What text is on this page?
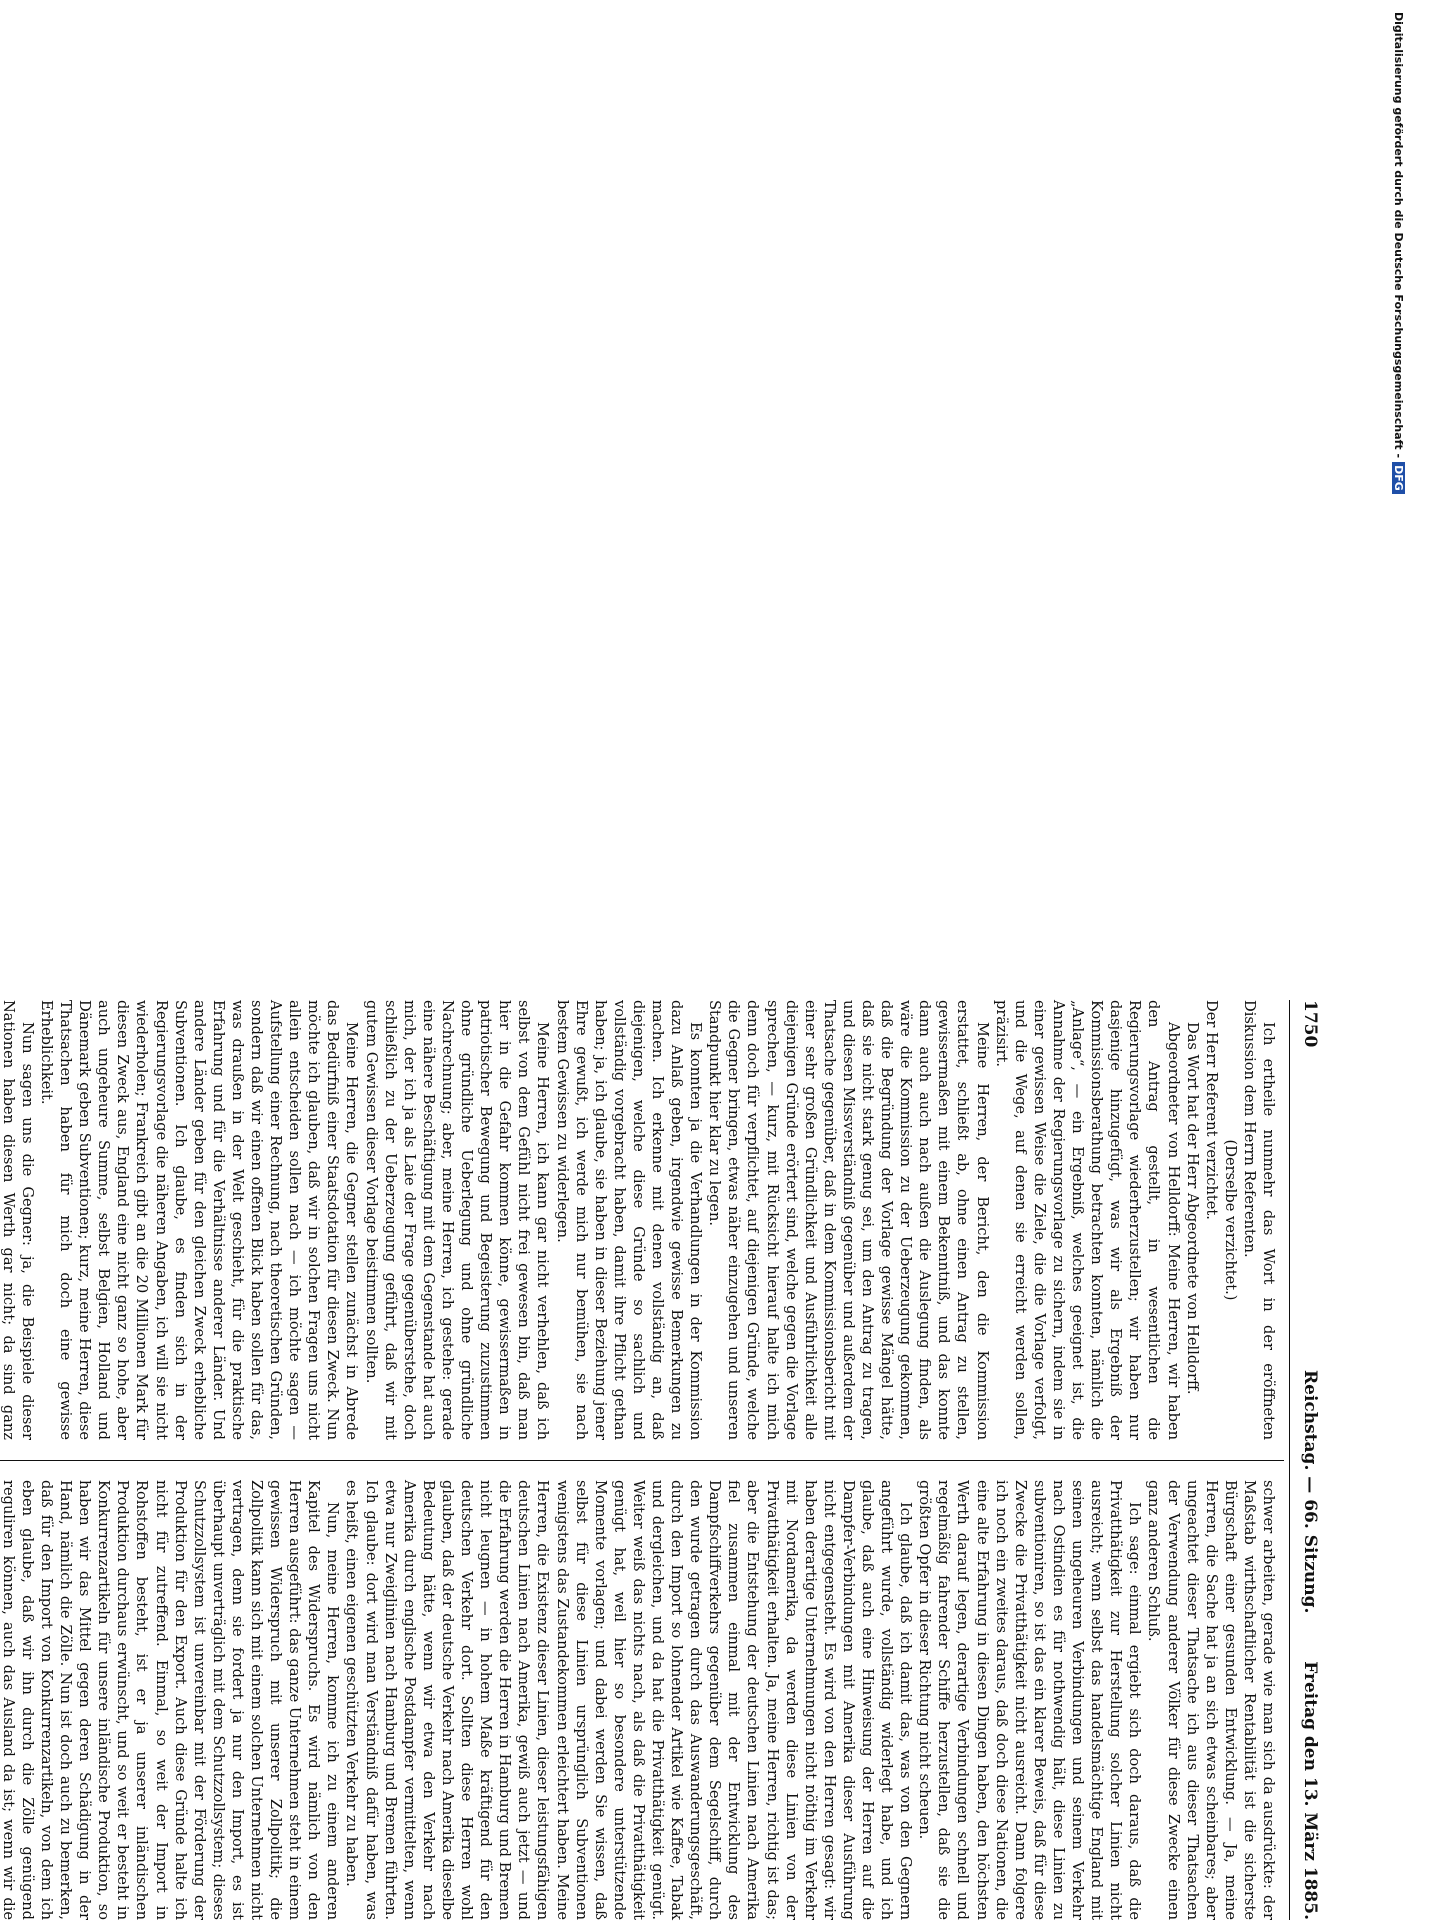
1750
Reichstag. — 66. Sitzung.
Freitag den 13. März 1885.

Ich ertheile nunmehr das Wort in der eröffneten Diskussion dem Herrn Referenten.

(Derselbe verzichtet.)

Der Herr Referent verzichtet.

Das Wort hat der Herr Abgeordnete von Helldorff.

Abgeordneter von Helldorff: Meine Herren, wir haben den Antrag gestellt, in wesentlichen die Regierungsvorlage wiederherzustellen; wir haben nur dasjenige hinzugefügt, was wir als Ergebniß der Kommissionsberathung betrachten konnten, nämlich die „Anlage“, — ein Ergebniß, welches geeignet ist, die Annahme der Regierungsvorlage zu sichern, indem sie in einer gewissen Weise die Ziele, die die Vorlage verfolgt, und die Wege, auf denen sie erreicht werden sollen, präzisirt.

Meine Herren, der Bericht, den die Kommission erstattet, schließt ab, ohne einen Antrag zu stellen, gewissermaßen mit einem Bekenntniß, und das konnte dann auch auch nach außen die Auslegung finden, als wäre die Kommission zu der Ueberzeugung gekommen, daß die Begründung der Vorlage gewisse Mängel hätte, daß sie nicht stark genug sei, um den Antrag zu tragen, und diesen Missverständniß gegenüber und außerdem der Thatsache gegenüber, daß in dem Kommissionsbericht mit einer sehr großen Gründlichkeit und Ausführlichkeit alle diejenigen Gründe erörtert sind, welche gegen die Vorlage sprechen, — kurz, mit Rücksicht hierauf halte ich mich denn doch für verpflichtet, auf diejenigen Gründe, welche die Gegner bringen, etwas näher einzugehen und unseren Standpunkt hier klar zu legen.

Es konnten ja die Verhandlungen in der Kommission dazu Anlaß geben, irgendwie gewisse Bemerkungen zu machen. Ich erkenne mit denen vollständig an, daß diejenigen, welche diese Gründe so sachlich und vollständig vorgebracht haben, damit ihre Pflicht gethan haben; ja, ich glaube, sie haben in dieser Beziehung jener Ehre gewußt, ich werde mich nur bemühen, sie nach bestem Gewissen zu widerlegen.

Meine Herren, ich kann gar nicht verhehlen, daß ich selbst von dem Gefühl nicht frei gewesen bin, daß man hier in die Gefahr kommen könne, gewissermaßen in patriotischer Bewegung und Begeisterung zuzustimmen ohne gründliche Ueberlegung und ohne gründliche Nachrechnung; aber, meine Herren, ich gestehe: gerade eine nähere Beschäftigung mit dem Gegenstande hat auch mich, der ich ja als Laie der Frage gegenüberstehe, doch schließlich zu der Ueberzeugung geführt, daß wir mit gutem Gewissen dieser Vorlage beistimmen sollten.

Meine Herren, die Gegner stellen zunächst in Abrede das Bedürfniß einer Staatsdotation für diesen Zweck. Nun möchte ich glauben, daß wir in solchen Fragen uns nicht allein entscheiden sollen nach — ich möchte sagen — Aufstellung einer Rechnung, nach theoretischen Gründen, sondern daß wir einen offenen Blick haben sollen für das, was draußen in der Welt geschieht, für die praktische Erfahrung und für die Verhältnisse anderer Länder. Und andere Länder geben für den gleichen Zweck erhebliche Subventionen. Ich glaube, es finden sich in der Regierungsvorlage die näheren Angaben, ich will sie nicht wiederholen; Frankreich gibt an die 20 Millionen Mark für diesen Zweck aus, England eine nicht ganz so hohe, aber auch ungeheure Summe, selbst Belgien, Holland und Dänemark geben Subventionen; kurz, meine Herren, diese Thatsachen haben für mich doch eine gewisse Erheblichkeit.

Nun sagen uns die Gegner: ja, die Beispiele dieser Nationen haben diesen Werth gar nicht; da sind ganz

schwer arbeiten, gerade wie man sich da ausdrückte: der Maßstab wirthschaftlicher Rentabilität ist die sicherste Bürgschaft einer gesunden Entwicklung. — Ja, meine Herren, die Sache hat ja an sich etwas scheinbares; aber ungeachtet dieser Thatsache ich aus dieser Thatsachen der Verwendung anderer Völker für diese Zwecke einen ganz anderen Schluß.

Ich sage: einmal ergiebt sich doch daraus, daß die Privatthätigkeit zur Herstellung solcher Linien nicht ausreicht; wenn selbst das handelsmächtige England mit seinen ungeheuren Verbindungen und seinem Verkehr nach Ostindien es für nothwendig hält, diese Linien zu subventioniren, so ist das ein klarer Beweis, daß für diese Zwecke die Privatthätigkeit nicht ausreicht. Dann folgere ich noch ein zweites daraus, daß doch diese Nationen, die eine alte Erfahrung in diesen Dingen haben, den höchsten Werth darauf legen, derartige Verbindungen schnell und regelmäßig fahrender Schiffe herzustellen, daß sie die größten Opfer in dieser Richtung nicht scheuen.

Ich glaube, daß ich damit das, was von den Gegnern angeführt wurde, vollständig widerlegt habe, und ich glaube, daß auch eine Hinweisung der Herren auf die Dampfer-Verbindungen mit Amerika dieser Ausführung nicht entgegensteht. Es wird von den Herren gesagt: wir haben derartige Unternehmungen nicht nöthig im Verkehr mit Nordamerika, da werden diese Linien von der Privatthätigkeit erhalten. Ja, meine Herren, richtig ist das; aber die Entstehung der deutschen Linien nach Amerika fiel zusammen einmal mit der Entwicklung des Dampfschiffverkehrs gegenüber dem Segelschiff, durch den wurde getragen durch das Auswanderungsgeschäft, durch den Import so lohnender Artikel wie Kaffee, Tabak und dergleichen, und da hat die Privatthätigkeit genügt. Weiter weiß das nichts nach, als daß die Privatthätigkeit genügt hat, weil hier so besondere unterstützende Momente vorlagen; und dabei werden Sie wissen, daß selbst für diese Linien ursprünglich Subventionen wenigstens das Zustandekommen erleichtert haben. Meine Herren, die Existenz dieser Linien, dieser leistungsfähigen deutschen Linien nach Amerika, gewiß auch jetzt — und die Erfahrung werden die Herren in Hamburg und Bremen nicht leugnen — in hohem Maße kräftigend für den deutschen Verkehr dort. Sollten diese Herren wohl glauben, daß der deutsche Verkehr nach Amerika dieselbe Bedeutung hätte, wenn wir etwa den Verkehr nach Amerika durch englische Postdampfer vermittelten, wenn etwa nur Zweiglinien nach Hamburg und Bremen führten. Ich glaube: dort wird man Verständniß dafür haben, was es heißt, einen eigenen geschützten Verkehr zu haben.

Nun, meine Herren, komme ich zu einem anderen Kapitel des Widerspruchs. Es wird nämlich von den Herren ausgeführt: das ganze Unternehmen steht in einem gewissen Widerspruch mit unserer Zollpolitik; die Zollpolitik kann sich mit einem solchen Unternehmen nicht vertragen, denn sie fordert ja nur den Import, es ist überhaupt unverträglich mit dem Schutzzollsystem; dieses Schutzzollsystem ist unvereinbar mit der Förderung der Produktion für den Export. Auch diese Gründe halte ich nicht für zutreffend. Einmal, so weit der Import in Rohstoffen besteht, ist er ja unserer inländischen Produktion durchaus erwünscht, und so weit er besteht in Konkurrenzartikeln für unsere inländische Produktion, so haben wir das Mittel gegen deren Schädigung in der Hand, nämlich die Zölle. Nun ist doch auch zu bemerken, daß für den Import von Konkurrenzartikeln, von dem ich eben glaube, daß wir ihn durch die Zölle genügend reguliren können, auch das Ausland da ist; wenn wir die

Digitalisierung gefördert durch die Deutsche Forschungsgemeinschaft -DFG
